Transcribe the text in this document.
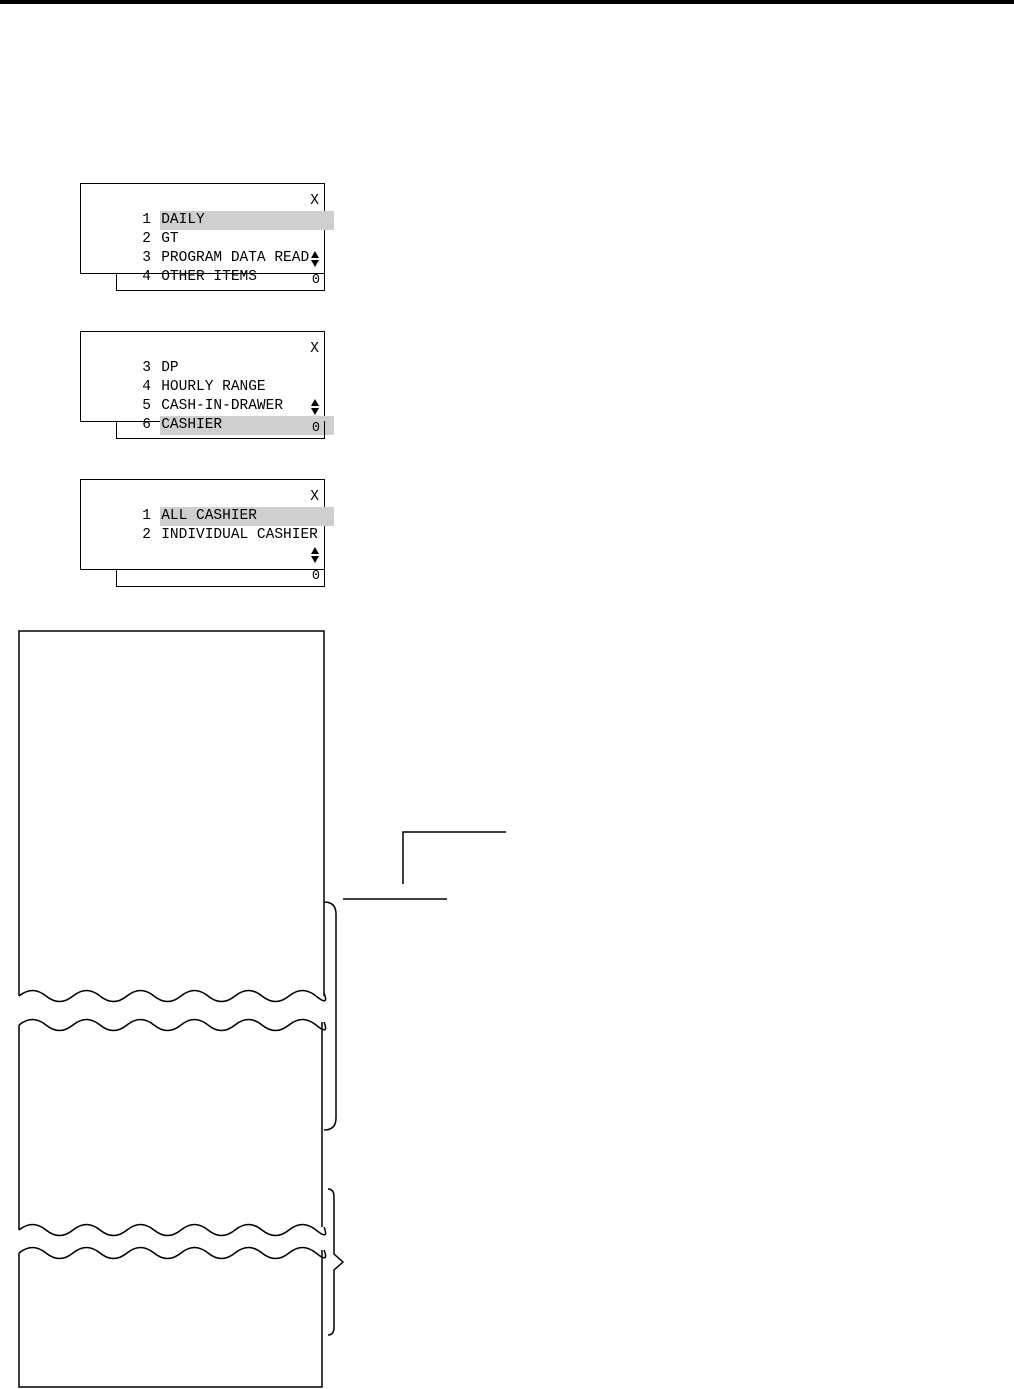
1 DAILY

2 GT

3 PROGRAM DATA READ

4 OTHER ITEMS

X
0

3 DP

4 HOURLY RANGE

5 CASH-IN-DRAWER

6 CASHIER

X
0

1 ALL CASHIER

2 INDIVIDUAL CASHIER

X
0
